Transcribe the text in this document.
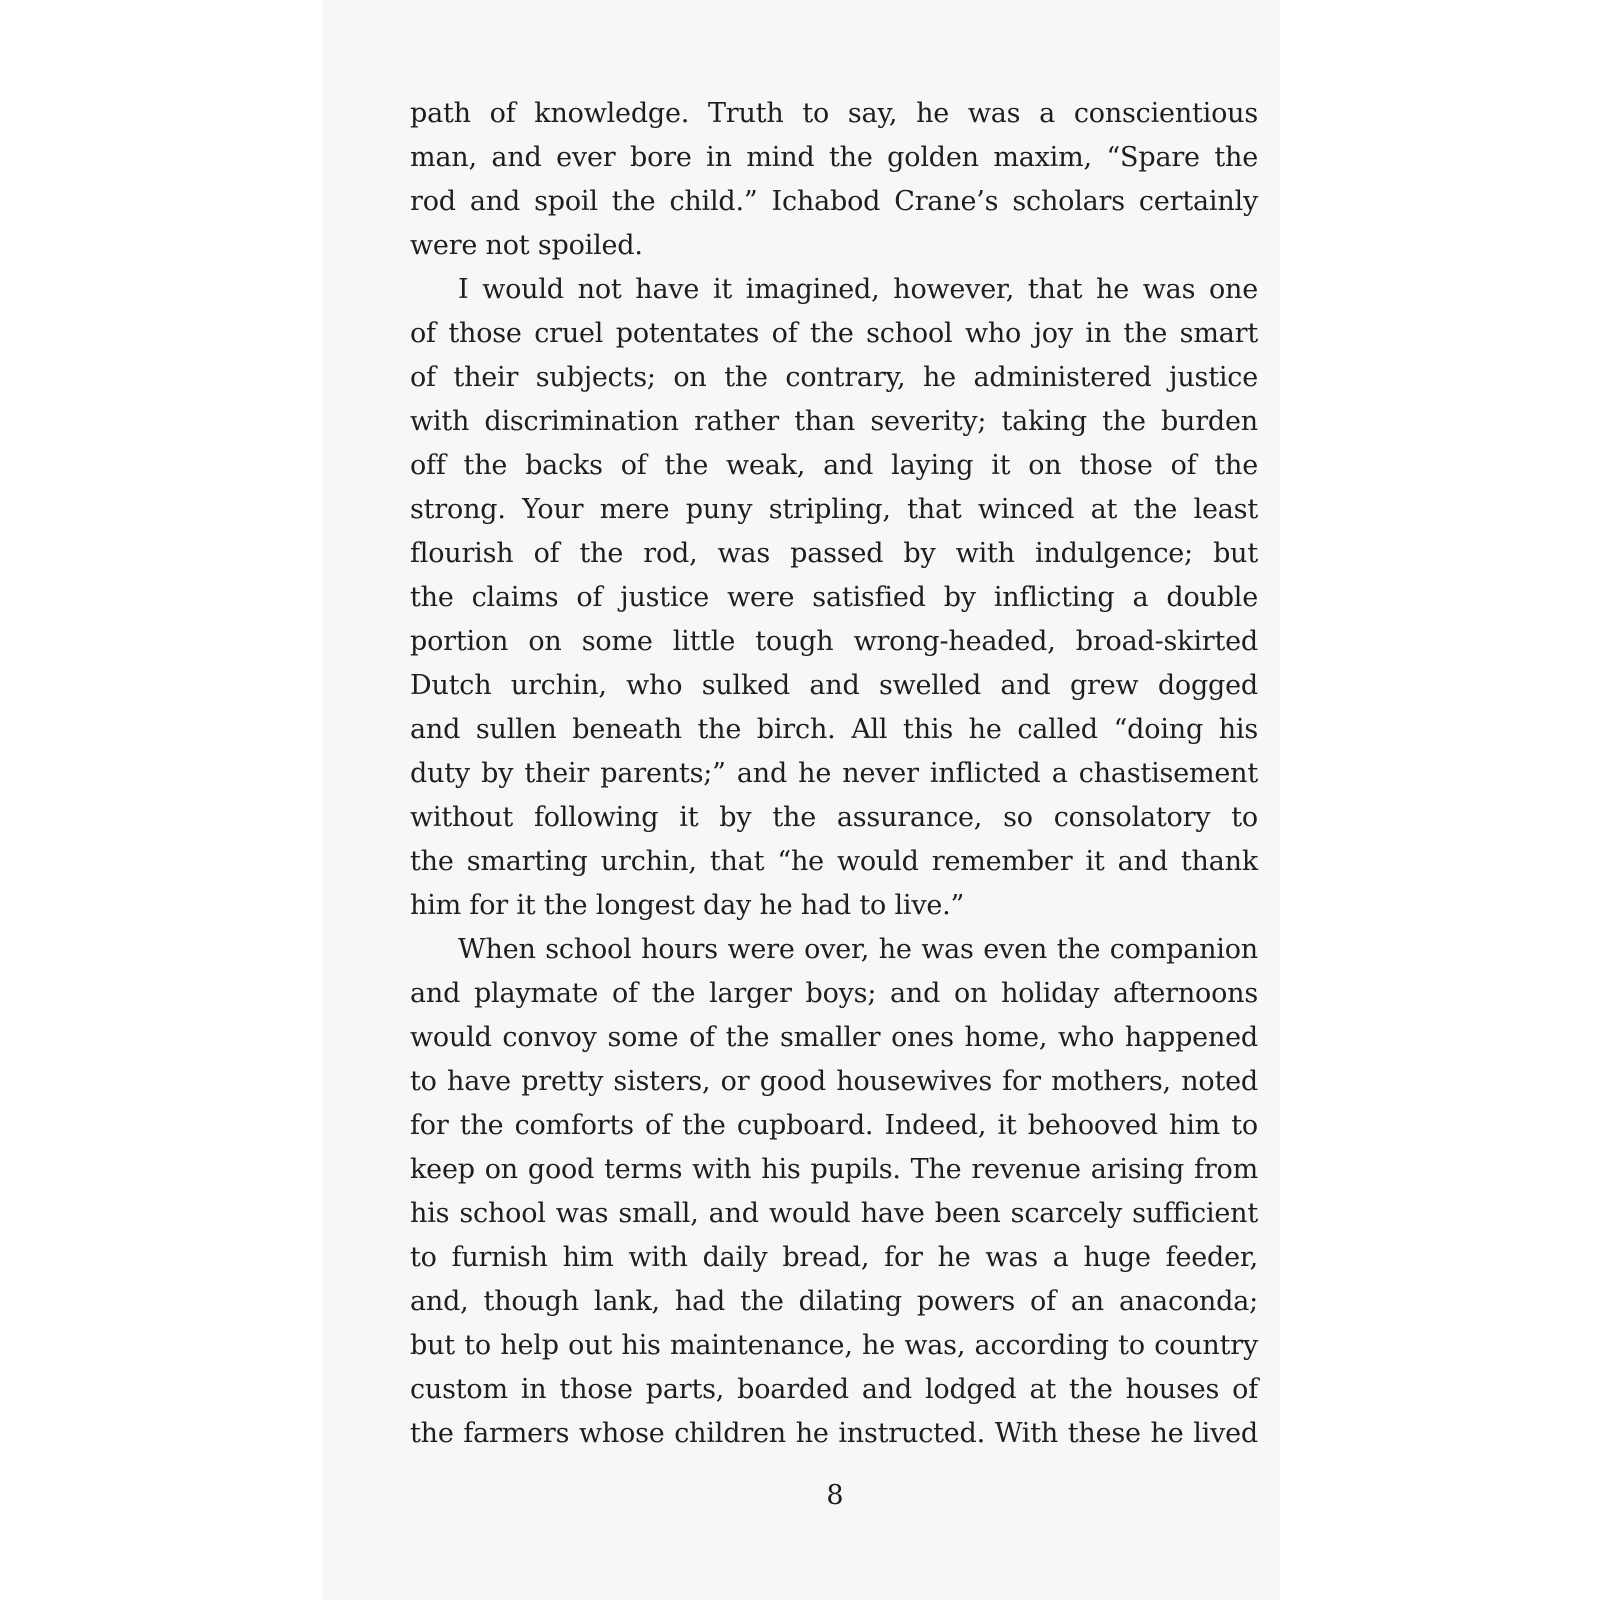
path of knowledge. Truth to say, he was a conscientious
man, and ever bore in mind the golden maxim, “Spare the
rod and spoil the child.” Ichabod Crane’s scholars certainly
were not spoiled.
I would not have it imagined, however, that he was one
of those cruel potentates of the school who joy in the smart
of their subjects; on the contrary, he administered justice
with discrimination rather than severity; taking the burden
off the backs of the weak, and laying it on those of the
strong. Your mere puny stripling, that winced at the least
flourish of the rod, was passed by with indulgence; but
the claims of justice were satisfied by inflicting a double
portion on some little tough wrong-headed, broad-skirted
Dutch urchin, who sulked and swelled and grew dogged
and sullen beneath the birch. All this he called “doing his
duty by their parents;” and he never inflicted a chastisement
without following it by the assurance, so consolatory to
the smarting urchin, that “he would remember it and thank
him for it the longest day he had to live.”
When school hours were over, he was even the companion
and playmate of the larger boys; and on holiday afternoons
would convoy some of the smaller ones home, who happened
to have pretty sisters, or good housewives for mothers, noted
for the comforts of the cupboard. Indeed, it behooved him to
keep on good terms with his pupils. The revenue arising from
his school was small, and would have been scarcely sufficient
to furnish him with daily bread, for he was a huge feeder,
and, though lank, had the dilating powers of an anaconda;
but to help out his maintenance, he was, according to country
custom in those parts, boarded and lodged at the houses of
the farmers whose children he instructed. With these he lived
8
